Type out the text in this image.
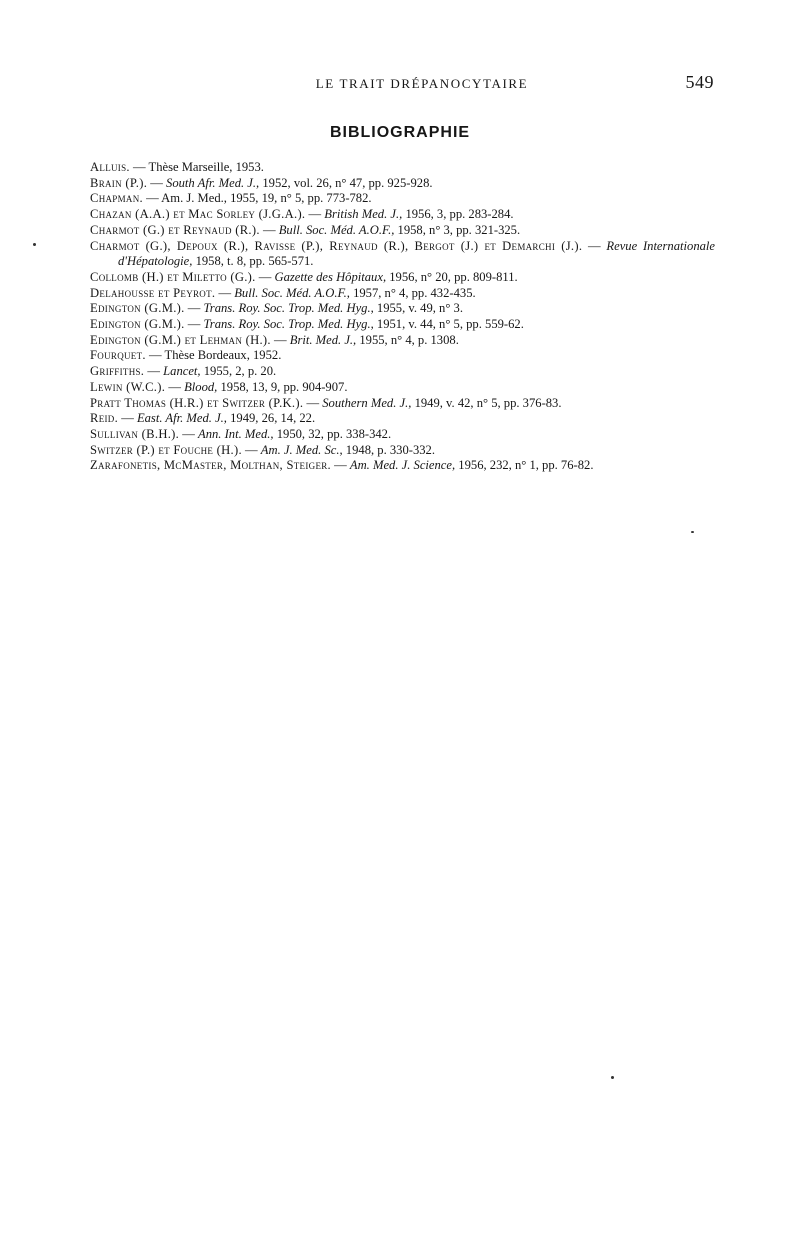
LE TRAIT DRÉPANOCYTAIRE	549
BIBLIOGRAPHIE
Alluis. — Thèse Marseille, 1953.
Brain (P.). — South Afr. Med. J., 1952, vol. 26, n° 47, pp. 925-928.
Chapman. — Am. J. Med., 1955, 19, n° 5, pp. 773-782.
Chazan (A.A.) et Mac Sorley (J.G.A.). — British Med. J., 1956, 3, pp. 283-284.
Charmot (G.) et Reynaud (R.). — Bull. Soc. Méd. A.O.F., 1958, n° 3, pp. 321-325.
Charmot (G.), Depoux (R.), Ravisse (P.), Reynaud (R.), Bergot (J.) et Demarchi (J.). — Revue Internationale d'Hépatologie, 1958, t. 8, pp. 565-571.
Collomb (H.) et Miletto (G.). — Gazette des Hôpitaux, 1956, n° 20, pp. 809-811.
Delahousse et Peyrot. — Bull. Soc. Méd. A.O.F., 1957, n° 4, pp. 432-435.
Edington (G.M.). — Trans. Roy. Soc. Trop. Med. Hyg., 1955, v. 49, n° 3.
Edington (G.M.). — Trans. Roy. Soc. Trop. Med. Hyg., 1951, v. 44, n° 5, pp. 559-62.
Edington (G.M.) et Lehman (H.). — Brit. Med. J., 1955, n° 4, p. 1308.
Fourquet. — Thèse Bordeaux, 1952.
Griffiths. — Lancet, 1955, 2, p. 20.
Lewin (W.C.). — Blood, 1958, 13, 9, pp. 904-907.
Pratt Thomas (H.R.) et Switzer (P.K.). — Southern Med. J., 1949, v. 42, n° 5, pp. 376-83.
Reid. — East. Afr. Med. J., 1949, 26, 14, 22.
Sullivan (B.H.). — Ann. Int. Med., 1950, 32, pp. 338-342.
Switzer (P.) et Fouche (H.). — Am. J. Med. Sc., 1948, p. 330-332.
Zarafonetis, McMaster, Molthan, Steiger. — Am. Med. J. Science, 1956, 232, n° 1, pp. 76-82.
